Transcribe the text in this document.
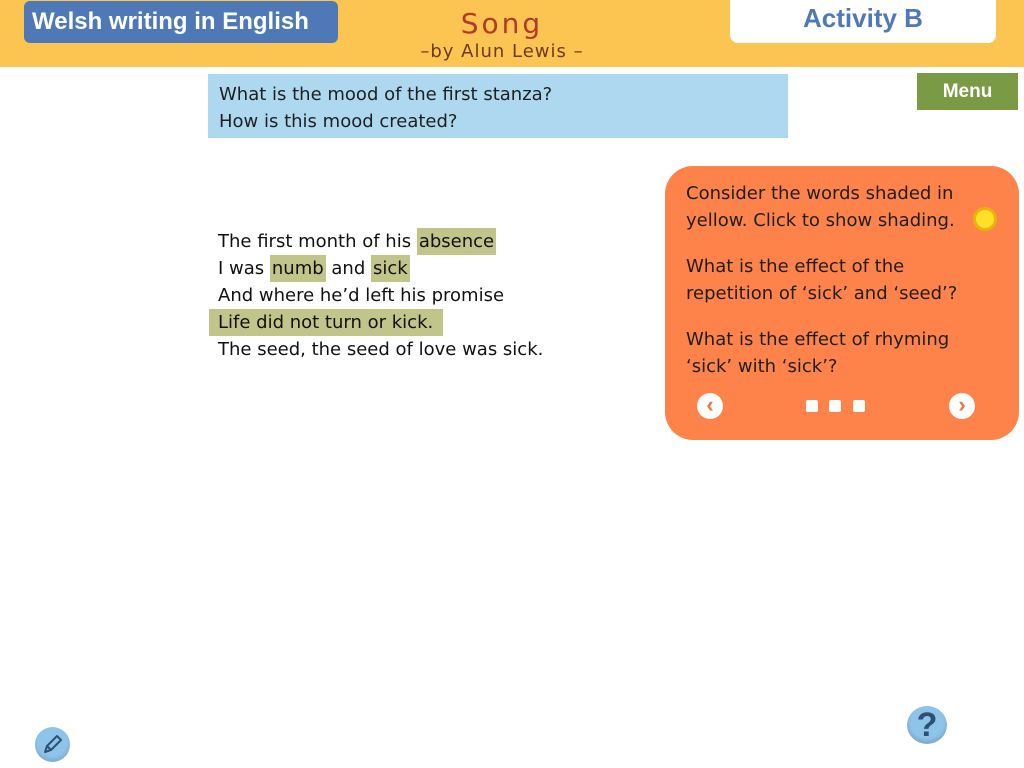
Welsh writing in English	Song
–by Alun Lewis –
Activity B
What is the mood of the first stanza?
How is this mood created?
Menu
The first month of his absence
I was numb and sick
And where he’d left his promise
Life did not turn or kick.
The seed, the seed of love was sick.
Consider the words shaded in yellow. Click to show shading.
What is the effect of the repetition of ‘sick’ and ‘seed’?
What is the effect of rhyming ‘sick’ with ‘sick’?
‹	›
?
